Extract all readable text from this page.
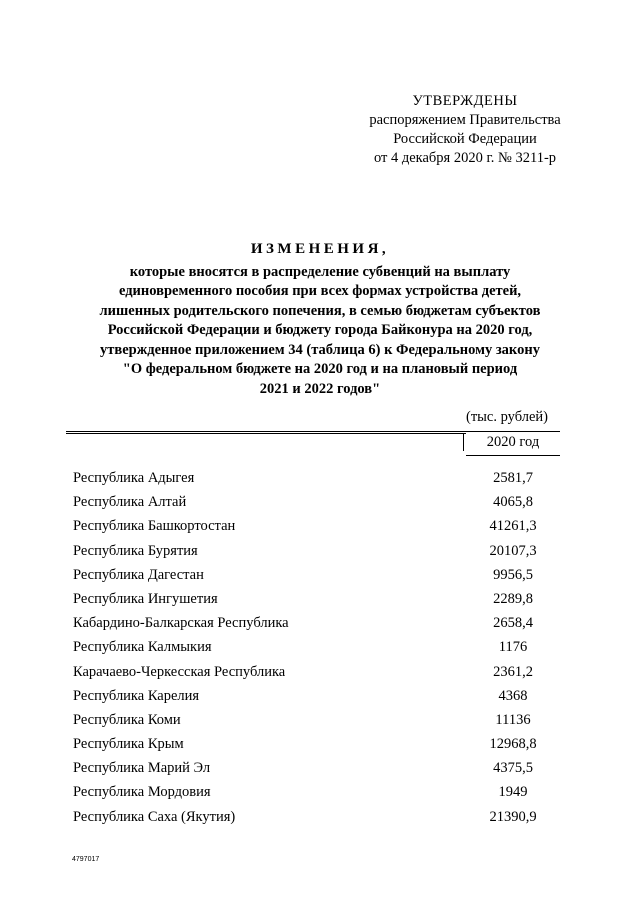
УТВЕРЖДЕНЫ
распоряжением Правительства
Российской Федерации
от 4 декабря 2020 г. № 3211-р
ИЗМЕНЕНИЯ,
которые вносятся в распределение субвенций на выплату
единовременного пособия при всех формах устройства детей,
лишенных родительского попечения, в семью бюджетам субъектов
Российской Федерации и бюджету города Байконура на 2020 год,
утвержденное приложением 34 (таблица 6) к Федеральному закону
"О федеральном бюджете на 2020 год и на плановый период
2021 и 2022 годов"
(тыс. рублей)
2020 год
Республика Адыгея	2581,7
Республика Алтай	4065,8
Республика Башкортостан	41261,3
Республика Бурятия	20107,3
Республика Дагестан	9956,5
Республика Ингушетия	2289,8
Кабардино-Балкарская Республика	2658,4
Республика Калмыкия	1176
Карачаево-Черкесская Республика	2361,2
Республика Карелия	4368
Республика Коми	11136
Республика Крым	12968,8
Республика Марий Эл	4375,5
Республика Мордовия	1949
Республика Саха (Якутия)	21390,9
4797017
